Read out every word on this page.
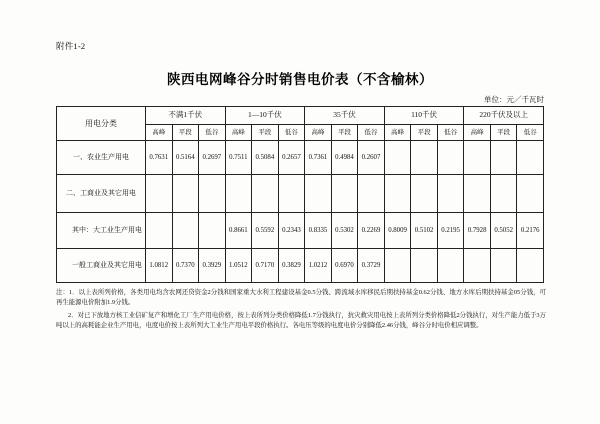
附件1-2
陕西电网峰谷分时销售电价表（不含榆林）
单位：元／千瓦时
用电分类	不满1千伏			1—10千伏			35千伏			110千伏			220千伏及以上		
	高峰	平段	低谷	高峰	平段	低谷	高峰	平段	低谷	高峰	平段	低谷	高峰	平段	低谷
一、农业生产用电	0.7631	0.5164	0.2697	0.7511	0.5084	0.2657	0.7361	0.4984	0.2607						
二、工商业及其它用电															
其中：大工业生产用电				0.8661	0.5592	0.2343	0.8335	0.5302	0.2269	0.8009	0.5102	0.2195	0.7928	0.5052	0.2176
一般工商业及其它用电	1.0812	0.7370	0.3929	1.0512	0.7170	0.3829	1.0212	0.6970	0.3729						

注：1．以上表所列价格，各类用电均含农网还贷资金2分钱和国家重大水利工程建设基金0.5分钱、跨流域水库移民后期扶持基金0.62分钱、地方水库后期扶持基金05分钱，可再生能源电价附加1.9分钱。

2．对已下放地方核工业信矿复产和增化工厂生产用电价格，按上表所列分类价格降低1.7分钱执行，抗灾救灾用电按上表所列分类价格降低2分钱执行，对生产能力低于3万吨以上的高耗能企业生产用电，电度电价按上表所列大工业生产用电平段价格执行。各电压等级的电度电价分别降低2.46分钱，峰谷分时电价相应调整。
